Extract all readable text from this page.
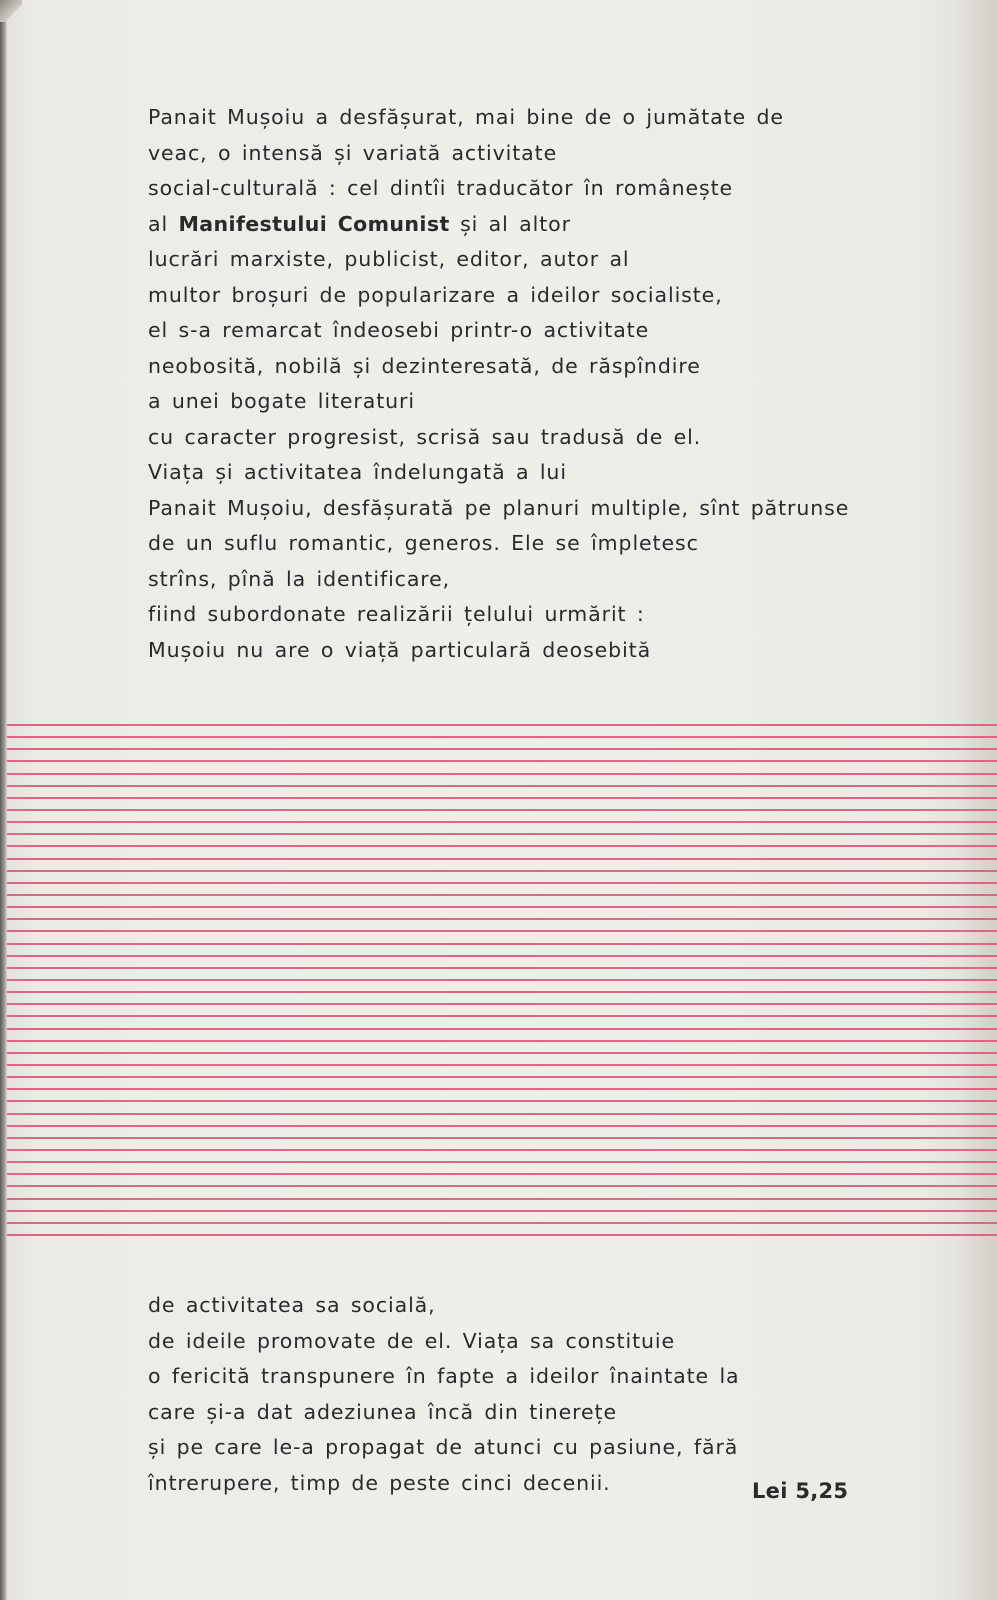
Panait Mușoiu a desfășurat, mai bine de o jumătate de
veac, o intensă și variată activitate
social-culturală : cel dintîi traducător în românește
al Manifestului Comunist și al altor
lucrări marxiste, publicist, editor, autor al
multor broșuri de popularizare a ideilor socialiste,
el s-a remarcat îndeosebi printr-o activitate
neobosită, nobilă și dezinteresată, de răspîndire
a unei bogate literaturi
cu caracter progresist, scrisă sau tradusă de el.
Viața și activitatea îndelungată a lui
Panait Mușoiu, desfășurată pe planuri multiple, sînt pătrunse
de un suflu romantic, generos. Ele se împletesc
strîns, pînă la identificare,
fiind subordonate realizării țelului urmărit :
Mușoiu nu are o viață particulară deosebită
de activitatea sa socială,
de ideile promovate de el. Viața sa constituie
o fericită transpunere în fapte a ideilor înaintate la
care și-a dat adeziunea încă din tinerețe
și pe care le-a propagat de atunci cu pasiune, fără
întrerupere, timp de peste cinci decenii.	Lei 5,25
